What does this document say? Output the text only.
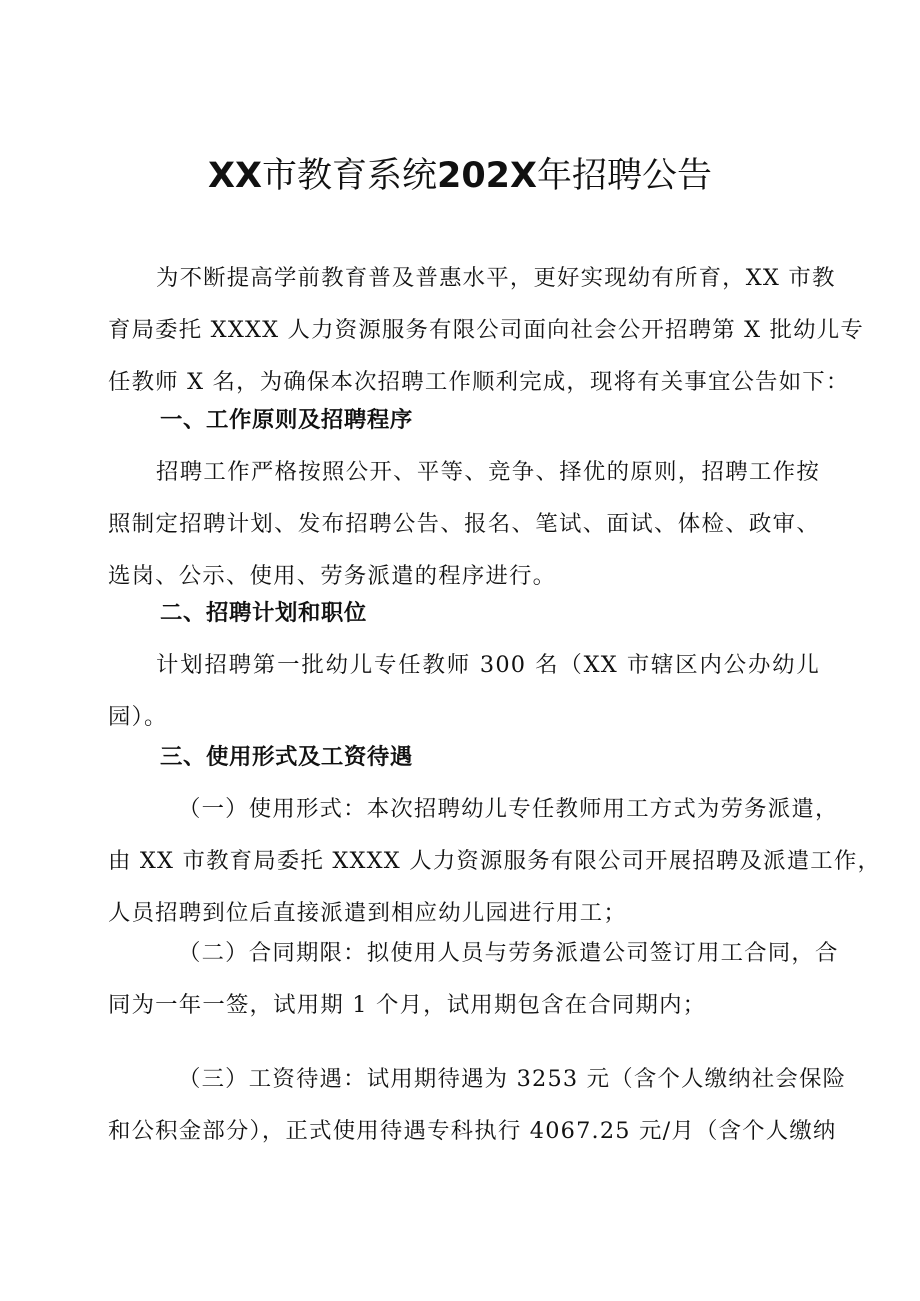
XX市教育系统202X年招聘公告

为不断提高学前教育普及普惠水平，更好实现幼有所育，XX 市教
育局委托 XXXX 人力资源服务有限公司面向社会公开招聘第 X 批幼儿专
任教师 X 名，为确保本次招聘工作顺利完成，现将有关事宜公告如下：

一、工作原则及招聘程序

招聘工作严格按照公开、平等、竞争、择优的原则，招聘工作按
照制定招聘计划、发布招聘公告、报名、笔试、面试、体检、政审、
选岗、公示、使用、劳务派遣的程序进行。

二、招聘计划和职位

计划招聘第一批幼儿专任教师 300 名（XX 市辖区内公办幼儿
园）。

三、使用形式及工资待遇

（一）使用形式：本次招聘幼儿专任教师用工方式为劳务派遣，
由 XX 市教育局委托 XXXX 人力资源服务有限公司开展招聘及派遣工作，
人员招聘到位后直接派遣到相应幼儿园进行用工；

（二）合同期限：拟使用人员与劳务派遣公司签订用工合同，合
同为一年一签，试用期 1 个月，试用期包含在合同期内；

（三）工资待遇：试用期待遇为 3253 元（含个人缴纳社会保险
和公积金部分），正式使用待遇专科执行 4067.25 元/月（含个人缴纳
